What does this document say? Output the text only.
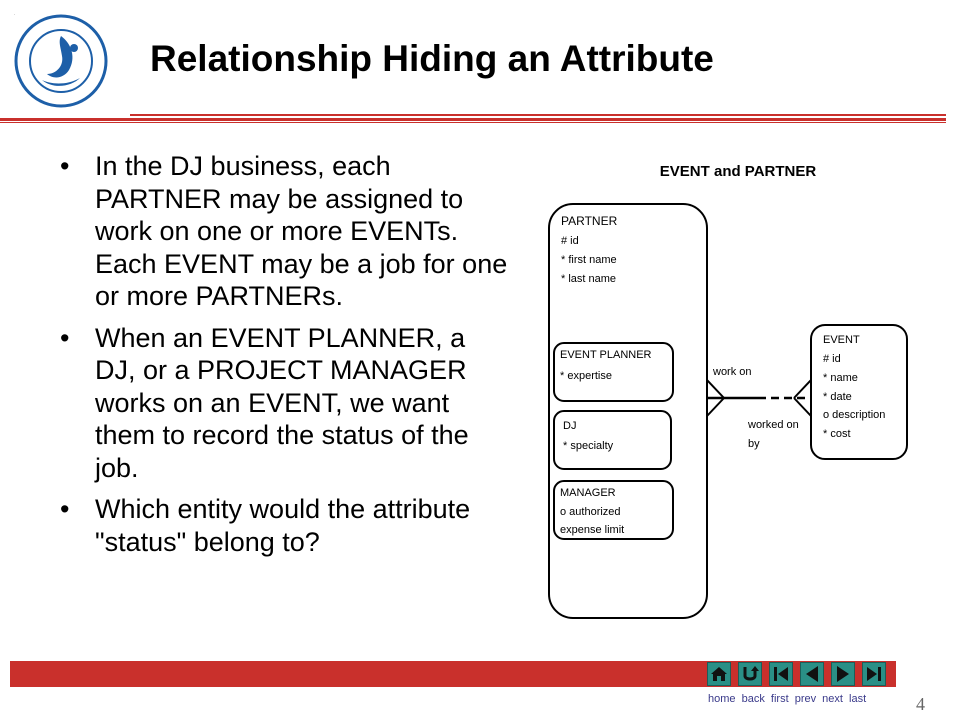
Relationship Hiding an Attribute
• In the DJ business, each PARTNER may be assigned to work on one or more EVENTs. Each EVENT may be a job for one or more PARTNERs.
• When an EVENT PLANNER, a DJ, or a PROJECT MANAGER works on an EVENT, we want them to record the status of the job.
• Which entity would the attribute "status" belong to?
EVENT and PARTNER
PARTNER
# id
* first name
* last name
EVENT PLANNER
* expertise
DJ
* specialty
MANAGER
o authorized
expense limit
EVENT
# id
* name
* date
o description
* cost
work on
worked on
by
home back first prev next last	4
